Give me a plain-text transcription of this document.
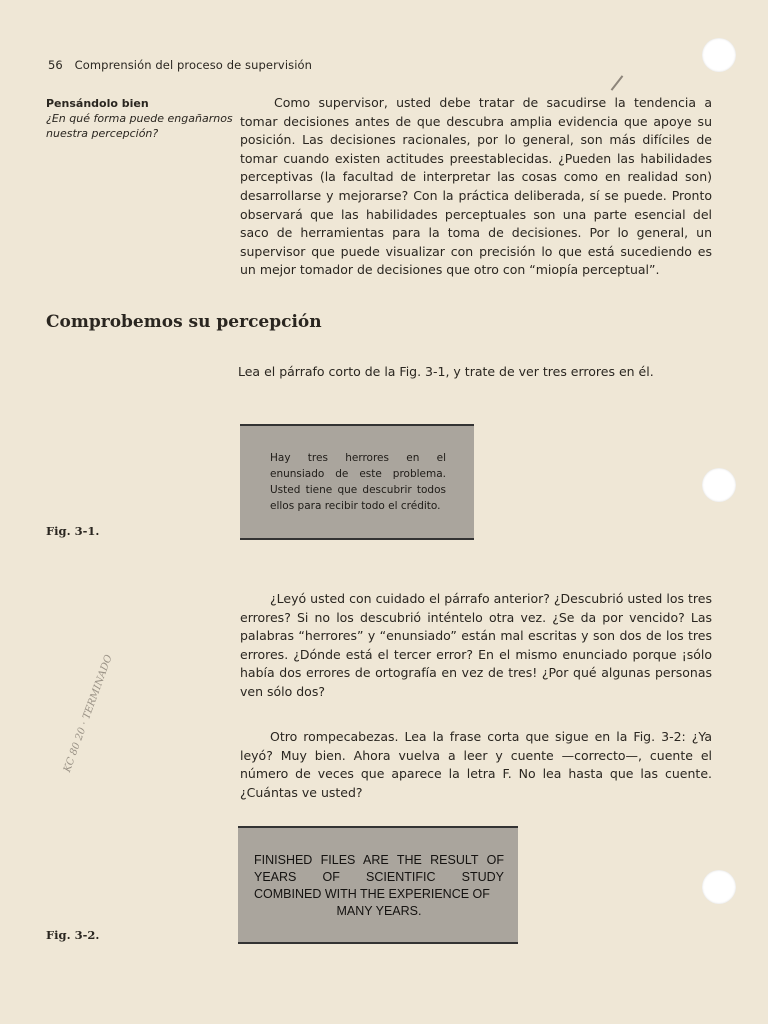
56 Comprensión del proceso de supervisión
Pensándolo bien
¿En qué forma puede engañarnos nuestra percepción?
Como supervisor, usted debe tratar de sacudirse la tendencia a tomar decisiones antes de que descubra amplia evidencia que apoye su posición. Las decisiones racionales, por lo general, son más difíciles de tomar cuando existen actitudes preestablecidas. ¿Pueden las habilidades perceptivas (la facultad de interpretar las cosas como en realidad son) desarrollarse y mejorarse? Con la práctica deliberada, sí se puede. Pronto observará que las habilidades perceptuales son una parte esencial del saco de herramientas para la toma de decisiones. Por lo general, un supervisor que puede visualizar con precisión lo que está sucediendo es un mejor tomador de decisiones que otro con “miopía perceptual”.
Comprobemos su percepción
Lea el párrafo corto de la Fig. 3-1, y trate de ver tres errores en él.
Hay tres herrores en el enunsiado de este problema. Usted tiene que descubrir todos ellos para recibir todo el crédito.
Fig. 3-1.
¿Leyó usted con cuidado el párrafo anterior? ¿Descubrió usted los tres errores? Si no los descubrió inténtelo otra vez. ¿Se da por vencido? Las palabras “herrores” y “enunsiado” están mal escritas y son dos de los tres errores. ¿Dónde está el tercer error? En el mismo enunciado porque ¡sólo había dos errores de ortografía en vez de tres! ¿Por qué algunas personas ven sólo dos?
Otro rompecabezas. Lea la frase corta que sigue en la Fig. 3-2: ¿Ya leyó? Muy bien. Ahora vuelva a leer y cuente —correcto—, cuente el número de veces que aparece la letra F. No lea hasta que las cuente. ¿Cuántas ve usted?
FINISHED FILES ARE THE RESULT OF YEARS OF SCIENTIFIC STUDY COMBINED WITH THE EXPERIENCE OF
MANY YEARS.
Fig. 3-2.
KC 80 20 · TERMINADO
